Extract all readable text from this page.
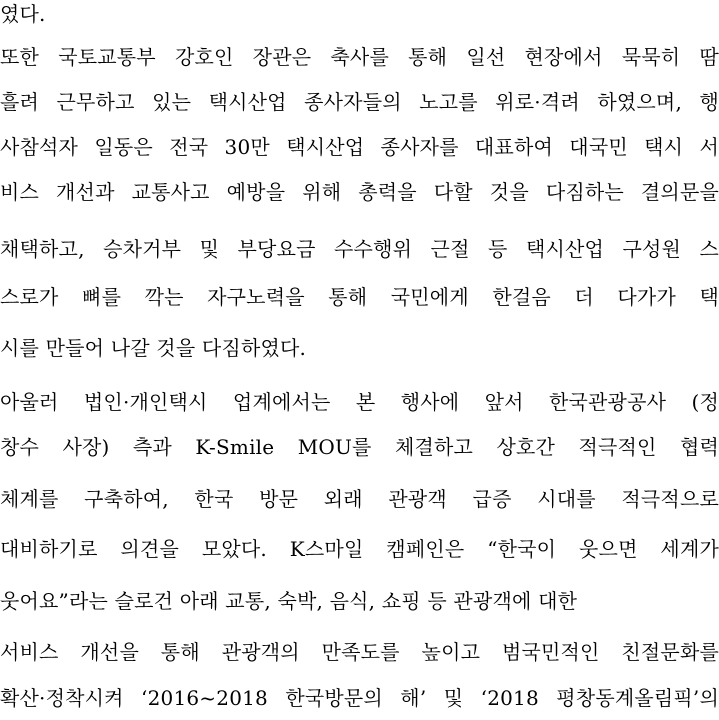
였다.
또한 국토교통부 강호인 장관은 축사를 통해 일선 현장에서 묵묵히 땀
흘려 근무하고 있는 택시산업 종사자들의 노고를 위로·격려 하였으며, 행
사참석자 일동은 전국 30만 택시산업 종사자를 대표하여 대국민 택시 서
비스 개선과 교통사고 예방을 위해 총력을 다할 것을 다짐하는 결의문을
채택하고, 승차거부 및 부당요금 수수행위 근절 등 택시산업 구성원 스
스로가 뼈를 깍는 자구노력을 통해 국민에게 한걸음 더 다가가 택
시를 만들어 나갈 것을 다짐하였다.
아울러 법인·개인택시 업계에서는 본 행사에 앞서 한국관광공사 (정
창수 사장) 측과 K-Smile MOU를 체결하고 상호간 적극적인 협력
체계를 구축하여, 한국 방문 외래 관광객 급증 시대를 적극적으로
대비하기로 의견을 모았다. K스마일 캠페인은 “한국이 웃으면 세계가
웃어요”라는 슬로건 아래 교통, 숙박, 음식, 쇼핑 등 관광객에 대한
서비스 개선을 통해 관광객의 만족도를 높이고 범국민적인 친절문화를
확산·정착시켜 ‘2016~2018 한국방문의 해’ 및 ‘2018 평창동계올림픽’의
